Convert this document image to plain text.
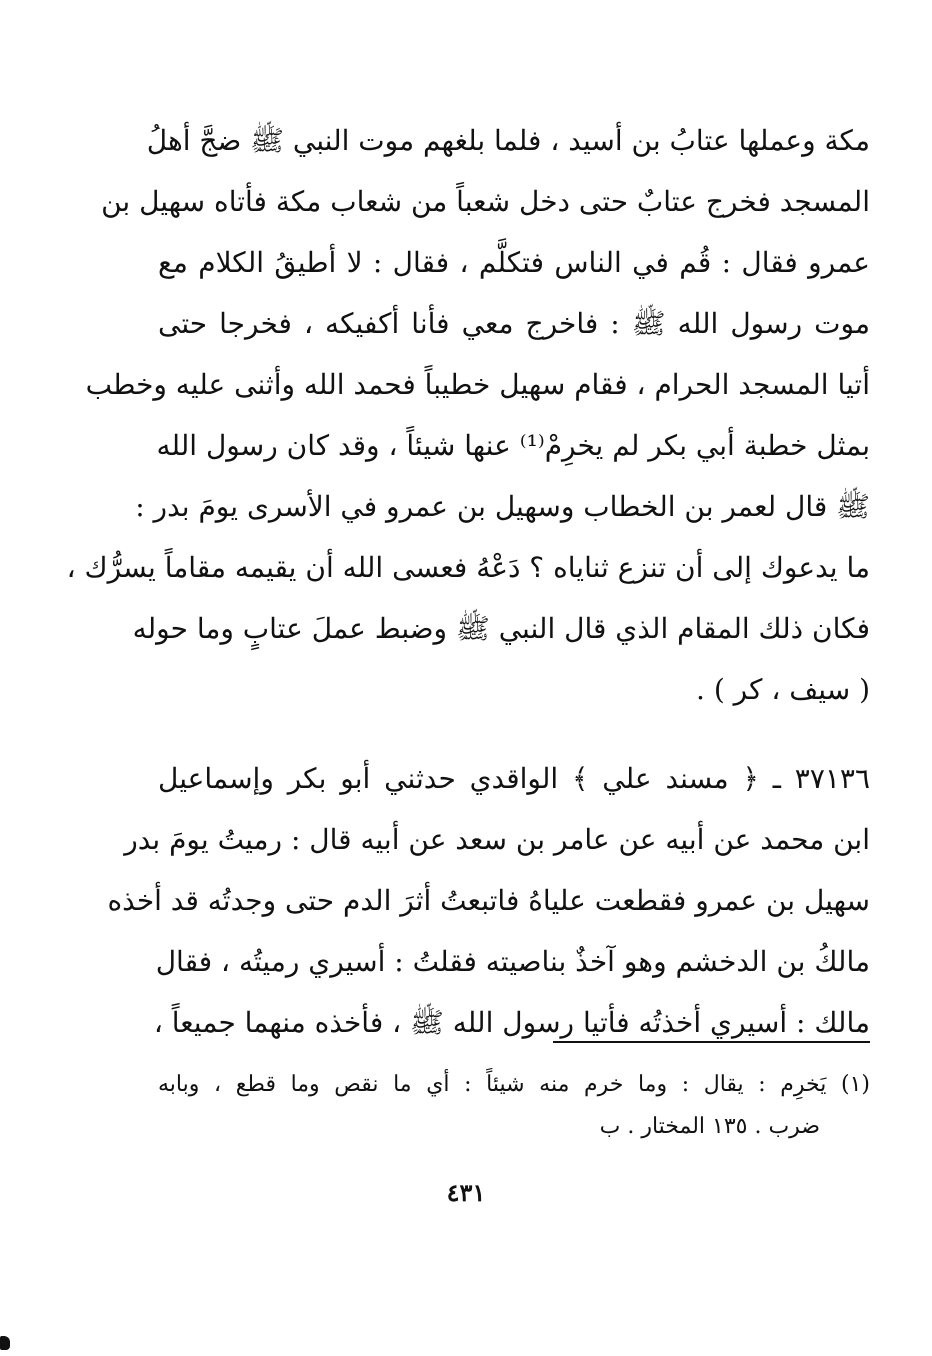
مكة وعملها عتابُ بن أسيد ، فلما بلغهم موت النبي ﷺ ضجَّ أهلُ
المسجد فخرج عتابٌ حتى دخل شعباً من شعاب مكة فأتاه سهيل بن
عمرو فقال : قُم في الناس فتكلَّم ، فقال : لا أطيقُ الكلام مع
موت رسول الله ﷺ : فاخرج معي فأنا أكفيكه ، فخرجا حتى
أتيا المسجد الحرام ، فقام سهيل خطيباً فحمد الله وأثنى عليه وخطب
بمثل خطبة أبي بكر لم يخرِمْ⁽¹⁾ عنها شيئاً ، وقد كان رسول الله
ﷺ قال لعمر بن الخطاب وسهيل بن عمرو في الأسرى يومَ بدر :
ما يدعوك إلى أن تنزع ثناياه ؟ دَعْهُ فعسى الله أن يقيمه مقاماً يسرُّك ،
فكان ذلك المقام الذي قال النبي ﷺ وضبط عملَ عتابٍ وما حوله
( سيف ، كر ) .
٣٧١٣٦ ـ ﴿ مسند علي ﴾ الواقدي حدثني أبو بكر وإسماعيل
ابن محمد عن أبيه عن عامر بن سعد عن أبيه قال : رميتُ يومَ بدر
سهيل بن عمرو فقطعت علياهُ فاتبعتُ أثرَ الدم حتى وجدتُه قد أخذه
مالكُ بن الدخشم وهو آخذٌ بناصيته فقلتُ : أسيري رميتُه ، فقال
مالك : أسيري أخذتُه فأتيا رسول الله ﷺ ، فأخذه منهما جميعاً ،
(١) يَخرِم : يقال : وما خرم منه شيئاً : أي ما نقص وما قطع ، وبابه
ضرب . ١٣٥ المختار . ب
٤٣١
